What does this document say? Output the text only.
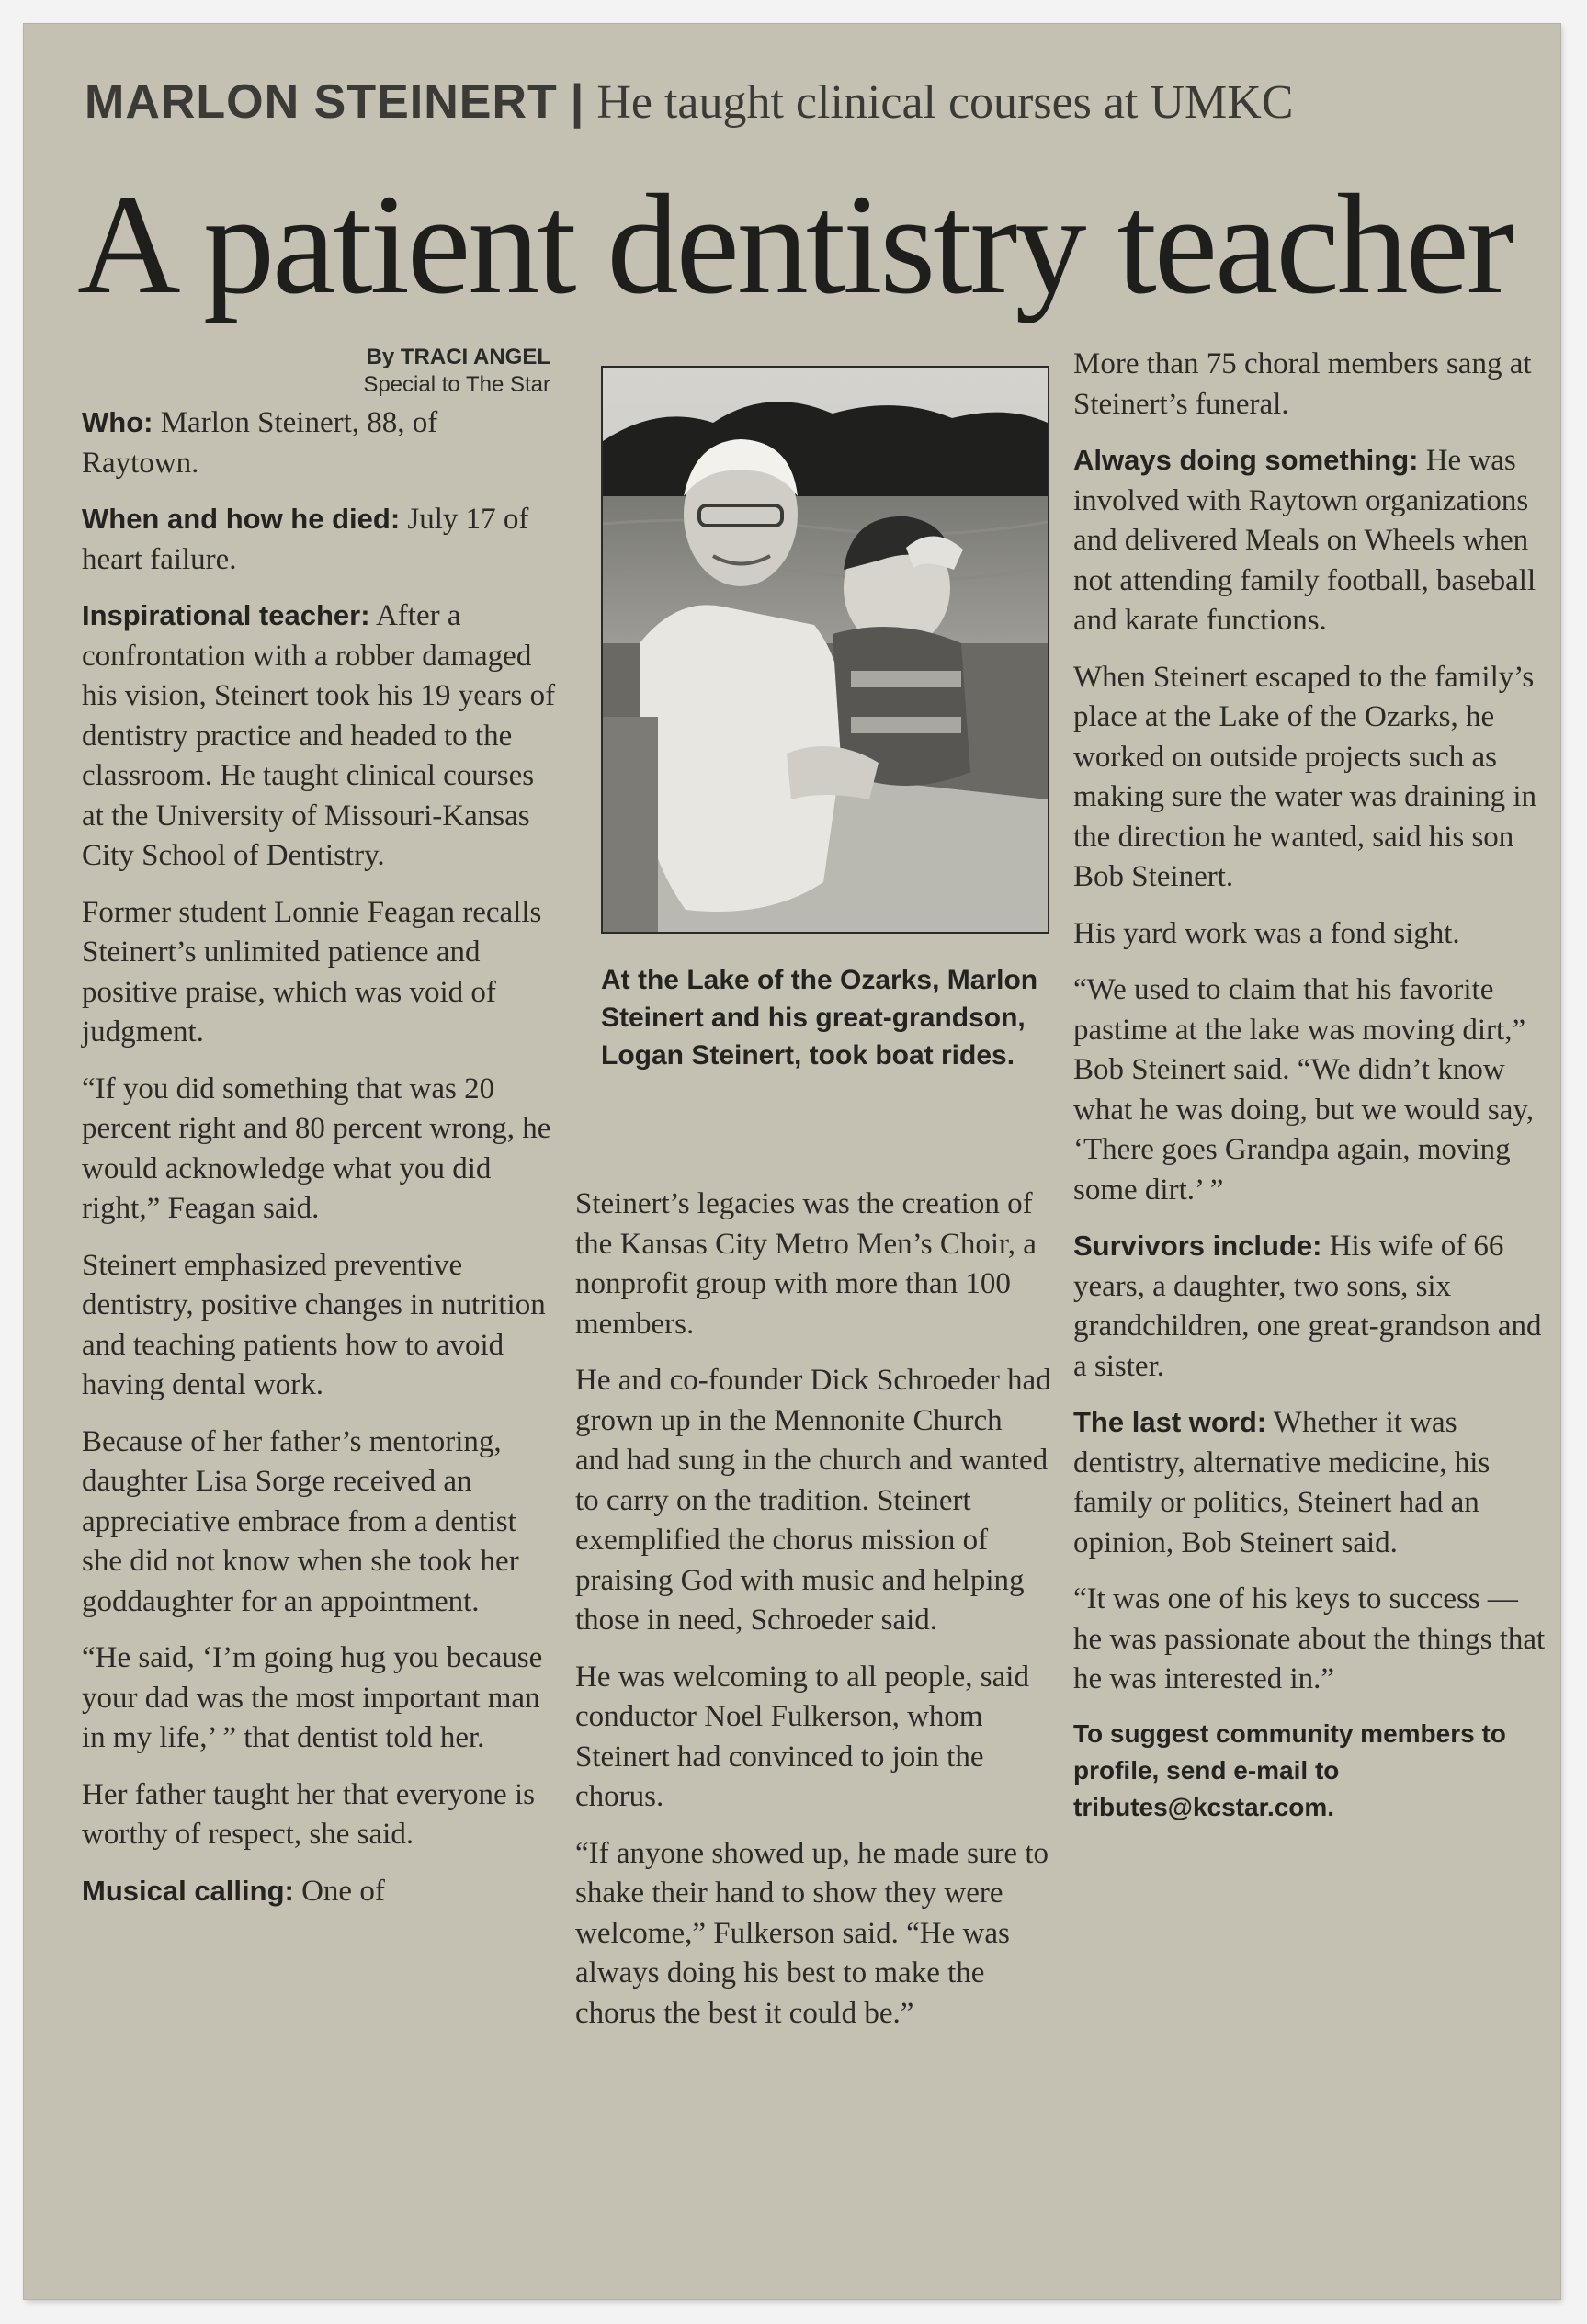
MARLON STEINERT | He taught clinical courses at UMKC
A patient dentistry teacher
By TRACI ANGEL
Special to The Star

Who: Marlon Steinert, 88, of Raytown.

When and how he died: July 17 of heart failure.

Inspirational teacher: After a confrontation with a robber damaged his vision, Steinert took his 19 years of dentistry practice and headed to the classroom. He taught clinical courses at the University of Missouri-Kansas City School of Dentistry.

Former student Lonnie Feagan recalls Steinert’s unlimited patience and positive praise, which was void of judgment.

“If you did something that was 20 percent right and 80 percent wrong, he would acknowledge what you did right,” Feagan said.

Steinert emphasized preventive dentistry, positive changes in nutrition and teaching patients how to avoid having dental work.

Because of her father’s mentoring, daughter Lisa Sorge received an appreciative embrace from a dentist she did not know when she took her goddaughter for an appointment.

“He said, ‘I’m going hug you because your dad was the most important man in my life,’ ” that dentist told her.

Her father taught her that everyone is worthy of respect, she said.

Musical calling: One of

At the Lake of the Ozarks, Marlon Steinert and his great-grandson, Logan Steinert, took boat rides.

Steinert’s legacies was the creation of the Kansas City Metro Men’s Choir, a nonprofit group with more than 100 members.

He and co-founder Dick Schroeder had grown up in the Mennonite Church and had sung in the church and wanted to carry on the tradition. Steinert exemplified the chorus mission of praising God with music and helping those in need, Schroeder said.

He was welcoming to all people, said conductor Noel Fulkerson, whom Steinert had convinced to join the chorus.

“If anyone showed up, he made sure to shake their hand to show they were welcome,” Fulkerson said. “He was always doing his best to make the chorus the best it could be.”

More than 75 choral members sang at Steinert’s funeral.

Always doing something: He was involved with Raytown organizations and delivered Meals on Wheels when not attending family football, baseball and karate functions.

When Steinert escaped to the family’s place at the Lake of the Ozarks, he worked on outside projects such as making sure the water was draining in the direction he wanted, said his son Bob Steinert.

His yard work was a fond sight.

“We used to claim that his favorite pastime at the lake was moving dirt,” Bob Steinert said. “We didn’t know what he was doing, but we would say, ‘There goes Grandpa again, moving some dirt.’ ”

Survivors include: His wife of 66 years, a daughter, two sons, six grandchildren, one great-grandson and a sister.

The last word: Whether it was dentistry, alternative medicine, his family or politics, Steinert had an opinion, Bob Steinert said.

“It was one of his keys to success — he was passionate about the things that he was interested in.”

To suggest community members to profile, send e-mail to tributes@kcstar.com.
